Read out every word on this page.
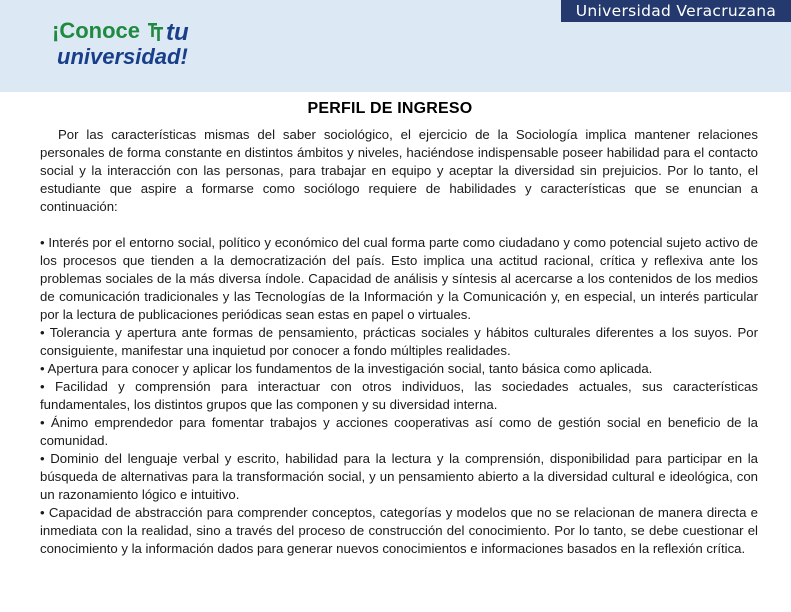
¡Conoce tu
universidad!
Universidad Veracruzana
PERFIL DE INGRESO

Por las características mismas del saber sociológico, el ejercicio de la Sociología implica mantener relaciones personales de forma constante en distintos ámbitos y niveles, haciéndose indispensable poseer habilidad para el contacto social y la interacción con las personas, para trabajar en equipo y aceptar la diversidad sin prejuicios. Por lo tanto, el estudiante que aspire a formarse como sociólogo requiere de habilidades y características que se enuncian a continuación:

• Interés por el entorno social, político y económico del cual forma parte como ciudadano y como potencial sujeto activo de los procesos que tienden a la democratización del país. Esto implica una actitud racional, crítica y reflexiva ante los problemas sociales de la más diversa índole. Capacidad de análisis y síntesis al acercarse a los contenidos de los medios de comunicación tradicionales y las Tecnologías de la Información y la Comunicación y, en especial, un interés particular por la lectura de publicaciones periódicas sean estas en papel o virtuales.

• Tolerancia y apertura ante formas de pensamiento, prácticas sociales y hábitos culturales diferentes a los suyos. Por consiguiente, manifestar una inquietud por conocer a fondo múltiples realidades.

• Apertura para conocer y aplicar los fundamentos de la investigación social, tanto básica como aplicada.

• Facilidad y comprensión para interactuar con otros individuos, las sociedades actuales, sus características fundamentales, los distintos grupos que las componen y su diversidad interna.

• Ánimo emprendedor para fomentar trabajos y acciones cooperativas así como de gestión social en beneficio de la comunidad.

• Dominio del lenguaje verbal y escrito, habilidad para la lectura y la comprensión, disponibilidad para participar en la búsqueda de alternativas para la transformación social, y un pensamiento abierto a la diversidad cultural e ideológica, con un razonamiento lógico e intuitivo.

• Capacidad de abstracción para comprender conceptos, categorías y modelos que no se relacionan de manera directa e inmediata con la realidad, sino a través del proceso de construcción del conocimiento. Por lo tanto, se debe cuestionar el conocimiento y la información dados para generar nuevos conocimientos e informaciones basados en la reflexión crítica.
